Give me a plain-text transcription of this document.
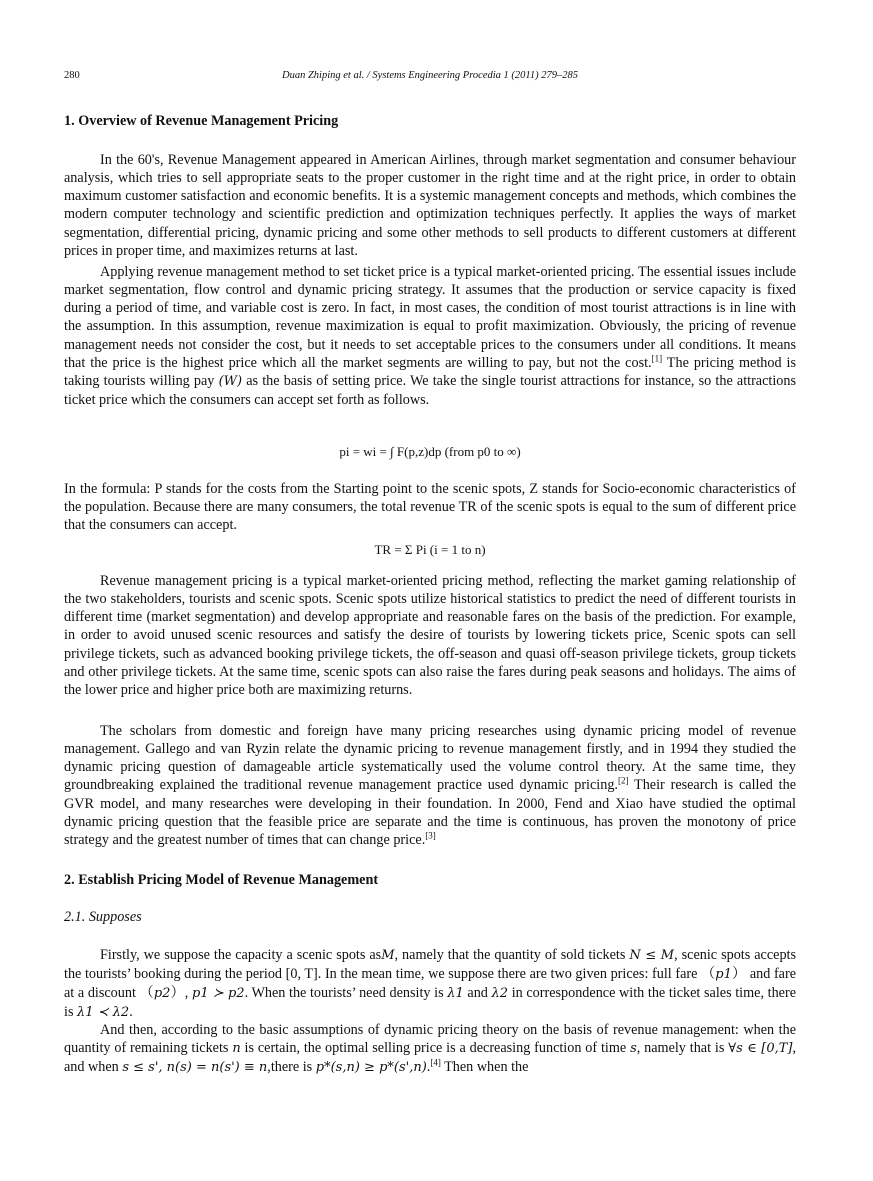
280	Duan Zhiping et al. / Systems Engineering Procedia 1 (2011) 279–285
1. Overview of Revenue Management Pricing
In the 60's, Revenue Management appeared in American Airlines, through market segmentation and consumer behaviour analysis, which tries to sell appropriate seats to the proper customer in the right time and at the right price, in order to obtain maximum customer satisfaction and economic benefits. It is a systemic management concepts and methods, which combines the modern computer technology and scientific prediction and optimization techniques perfectly. It applies the ways of market segmentation, differential pricing, dynamic pricing and some other methods to sell products to different customers at different prices in proper time, and maximizes returns at last.
Applying revenue management method to set ticket price is a typical market-oriented pricing. The essential issues include market segmentation, flow control and dynamic pricing strategy. It assumes that the production or service capacity is fixed during a period of time, and variable cost is zero. In fact, in most cases, the condition of most tourist attractions is in line with the assumption. In this assumption, revenue maximization is equal to profit maximization. Obviously, the pricing of revenue management needs not consider the cost, but it needs to set acceptable prices to the consumers under all conditions. It means that the price is the highest price which all the market segments are willing to pay, but not the cost.[1] The pricing method is taking tourists willing pay (W) as the basis of setting price. We take the single tourist attractions for instance, so the attractions ticket price which the consumers can accept set forth as follows.
pi = wi = ∫ F(p,z)dp (from p0 to ∞)
In the formula: P stands for the costs from the Starting point to the scenic spots, Z stands for Socio-economic characteristics of the population. Because there are many consumers, the total revenue TR of the scenic spots is equal to the sum of different price that the consumers can accept.
TR = Σ Pi (i = 1 to n)
Revenue management pricing is a typical market-oriented pricing method, reflecting the market gaming relationship of the two stakeholders, tourists and scenic spots. Scenic spots utilize historical statistics to predict the need of different tourists in different time (market segmentation) and develop appropriate and reasonable fares on the basis of the prediction. For example, in order to avoid unused scenic resources and satisfy the desire of tourists by lowering tickets price, Scenic spots can sell privilege tickets, such as advanced booking privilege tickets, the off-season and quasi off-season privilege tickets, group tickets and other privilege tickets. At the same time, scenic spots can also raise the fares during peak seasons and holidays. The aims of the lower price and higher price both are maximizing returns.
The scholars from domestic and foreign have many pricing researches using dynamic pricing model of revenue management. Gallego and van Ryzin relate the dynamic pricing to revenue management firstly, and in 1994 they studied the dynamic pricing question of damageable article systematically used the volume control theory. At the same time, they groundbreaking explained the traditional revenue management practice used dynamic pricing.[2] Their research is called the GVR model, and many researches were developing in their foundation. In 2000, Fend and Xiao have studied the optimal dynamic pricing question that the feasible price are separate and the time is continuous, has proven the monotony of price strategy and the greatest number of times that can change price.[3]
2. Establish Pricing Model of Revenue Management
2.1. Supposes
Firstly, we suppose the capacity a scenic spots asM, namely that the quantity of sold tickets N ≤ M, scenic spots accepts the tourists’ booking during the period [0, T]. In the mean time, we suppose there are two given prices: full fare （p1） and fare at a discount （p2）, p1 ≻ p2. When the tourists’ need density is λ1 and λ2 in correspondence with the ticket sales time, there is λ1 ≺ λ2.
And then, according to the basic assumptions of dynamic pricing theory on the basis of revenue management: when the quantity of remaining tickets n is certain, the optimal selling price is a decreasing function of time s, namely that is ∀s ∈ [0,T], and when s ≤ s', n(s) = n(s') ≡ n,there is p*(s,n) ≥ p*(s',n).[4] Then when the
